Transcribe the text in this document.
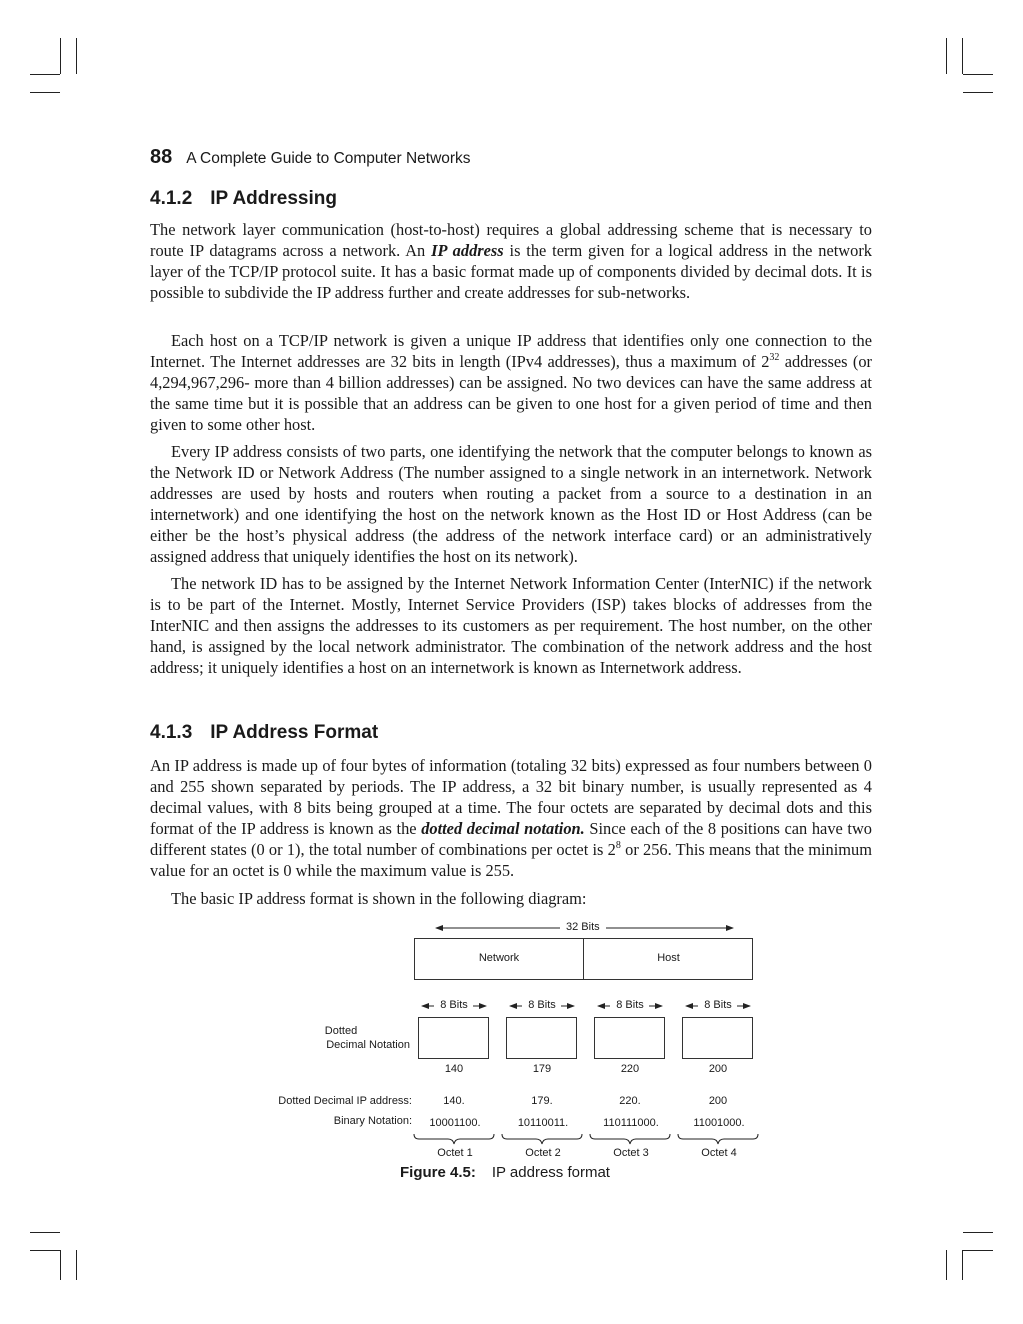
88 A Complete Guide to Computer Networks
4.1.2 IP Addressing

The network layer communication (host-to-host) requires a global addressing scheme that is necessary to route IP datagrams across a network. An IP address is the term given for a logical address in the network layer of the TCP/IP protocol suite. It has a basic format made up of components divided by decimal dots. It is possible to subdivide the IP address further and create addresses for sub-networks.

Each host on a TCP/IP network is given a unique IP address that identifies only one connection to the Internet. The Internet addresses are 32 bits in length (IPv4 addresses), thus a maximum of $2^{32}$ addresses (or 4,294,967,296- more than 4 billion addresses) can be assigned. No two devices can have the same address at the same time but it is possible that an address can be given to one host for a given period of time and then given to some other host.

Every IP address consists of two parts, one identifying the network that the computer belongs to known as the Network ID or Network Address (The number assigned to a single network in an internetwork. Network addresses are used by hosts and routers when routing a packet from a source to a destination in an internetwork) and one identifying the host on the network known as the Host ID or Host Address (can be either be the host’s physical address (the address of the network interface card) or an administratively assigned address that uniquely identifies the host on its network).

The network ID has to be assigned by the Internet Network Information Center (InterNIC) if the network is to be part of the Internet. Mostly, Internet Service Providers (ISP) takes blocks of addresses from the InterNIC and then assigns the addresses to its customers as per requirement. The host number, on the other hand, is assigned by the local network administrator. The combination of the network address and the host address; it uniquely identifies a host on an internetwork is known as Internetwork address.

4.1.3 IP Address Format

An IP address is made up of four bytes of information (totaling 32 bits) expressed as four numbers between 0 and 255 shown separated by periods. The IP address, a 32 bit binary number, is usually represented as 4 decimal values, with 8 bits being grouped at a time. The four octets are separated by decimal dots and this format of the IP address is known as the dotted decimal notation. Since each of the 8 positions can have two different states (0 or 1), the total number of combinations per octet is $2^8$ or 256. This means that the minimum value for an octet is 0 while the maximum value is 255.

The basic IP address format is shown in the following diagram:

32 Bits
Network	Host
8 Bits	8 Bits	8 Bits	8 Bits
Dotted
Decimal Notation
140	179	220	200
Dotted Decimal IP address:	140.	179.	220.	200
Binary Notation:	10001100.	10110011.	110111000.	11001000.
Octet 1	Octet 2	Octet 3	Octet 4
Figure 4.5: IP address format
